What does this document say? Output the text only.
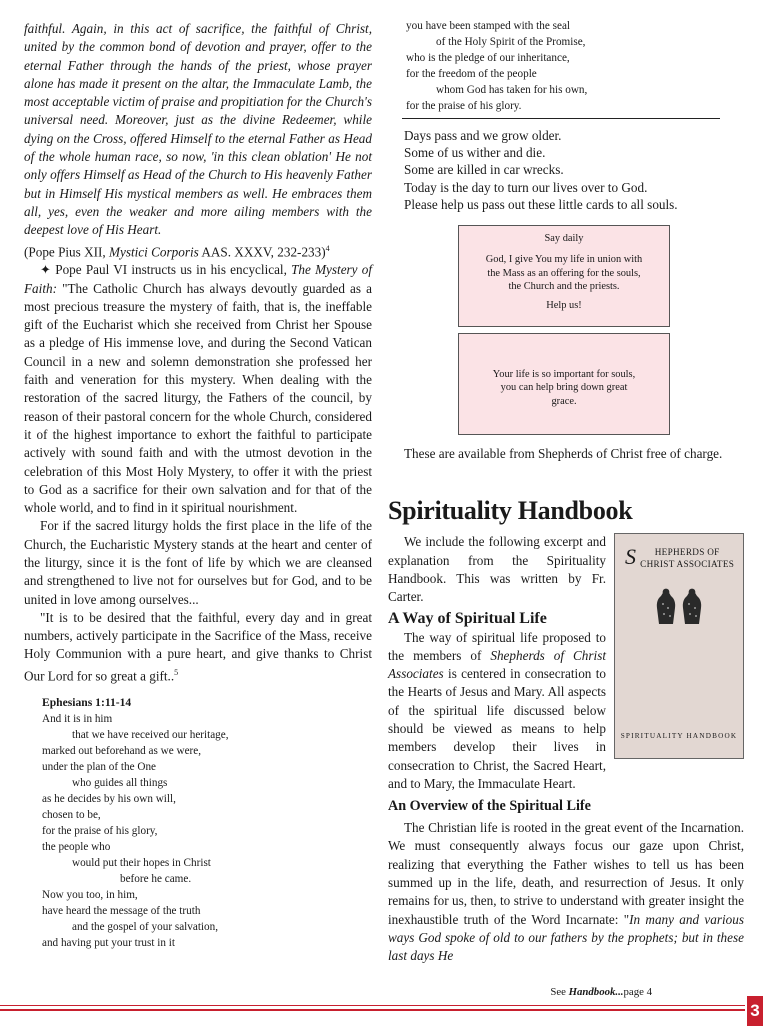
faithful. Again, in this act of sacrifice, the faithful of Christ, united by the common bond of devotion and prayer, offer to the eternal Father through the hands of the priest, whose prayer alone has made it present on the altar, the Immaculate Lamb, the most acceptable victim of praise and propitiation for the Church's universal need. Moreover, just as the divine Redeemer, while dying on the Cross, offered Himself to the eternal Father as Head of the whole human race, so now, 'in this clean oblation' He not only offers Himself as Head of the Church to His heavenly Father but in Himself His mystical members as well. He embraces them all, yes, even the weaker and more ailing members with the deepest love of His Heart.

(Pope Pius XII, Mystici Corporis AAS. XXXV, 232-233)$^4$

✦ Pope Paul VI instructs us in his encyclical, The Mystery of Faith: "The Catholic Church has always devoutly guarded as a most precious treasure the mystery of faith, that is, the ineffable gift of the Eucharist which she received from Christ her Spouse as a pledge of His immense love, and during the Second Vatican Council in a new and solemn demonstration she professed her faith and veneration for this mystery. When dealing with the restoration of the sacred liturgy, the Fathers of the council, by reason of their pastoral concern for the whole Church, considered it of the highest importance to exhort the faithful to participate actively with sound faith and with the utmost devotion in the celebration of this Most Holy Mystery, to offer it with the priest to God as a sacrifice for their own salvation and for that of the whole world, and to find in it spiritual nourishment.

For if the sacred liturgy holds the first place in the life of the Church, the Eucharistic Mystery stands at the heart and center of the liturgy, since it is the font of life by which we are cleansed and strengthened to live not for ourselves but for God, and to be united in love among ourselves...

"It is to be desired that the faithful, every day and in great numbers, actively participate in the Sacrifice of the Mass, receive Holy Communion with a pure heart, and give thanks to Christ Our Lord for so great a gift..$^5$

Ephesians 1:11-14
And it is in him
that we have received our heritage,
marked out beforehand as we were,
under the plan of the One
who guides all things
as he decides by his own will,
chosen to be,
for the praise of his glory,
the people who
would put their hopes in Christ
before he came.
Now you too, in him,
have heard the message of the truth
and the gospel of your salvation,
and having put your trust in it
you have been stamped with the seal
of the Holy Spirit of the Promise,
who is the pledge of our inheritance,
for the freedom of the people
whom God has taken for his own,
for the praise of his glory.
Days pass and we grow older.
Some of us wither and die.
Some are killed in car wrecks.
Today is the day to turn our lives over to God.
Please help us pass out these little cards to all souls.
Say daily
God, I give You my life in union with the Mass as an offering for the souls, the Church and the priests.
Help us!
Your life is so important for souls, you can help bring down great grace.

These are available from Shepherds of Christ free of charge.

Spirituality Handbook
S HEPHERDS OF CHRIST ASSOCIATES
SPIRITUALITY HANDBOOK

We include the following excerpt and explanation from the Spirituality Handbook. This was written by Fr. Carter.

A Way of Spiritual Life

The way of spiritual life proposed to the members of Shepherds of Christ Associates is centered in consecration to the Hearts of Jesus and Mary. All aspects of the spiritual life discussed below should be viewed as means to help members develop their lives in consecration to Christ, the Sacred Heart, and to Mary, the Immaculate Heart.

An Overview of the Spiritual Life

The Christian life is rooted in the great event of the Incarnation. We must consequently always focus our gaze upon Christ, realizing that everything the Father wishes to tell us has been summed up in the life, death, and resurrection of Jesus. It only remains for us, then, to strive to understand with greater insight the inexhaustible truth of the Word Incarnate: "In many and various ways God spoke of old to our fathers by the prophets; but in these last days He

See Handbook...page 4
3
